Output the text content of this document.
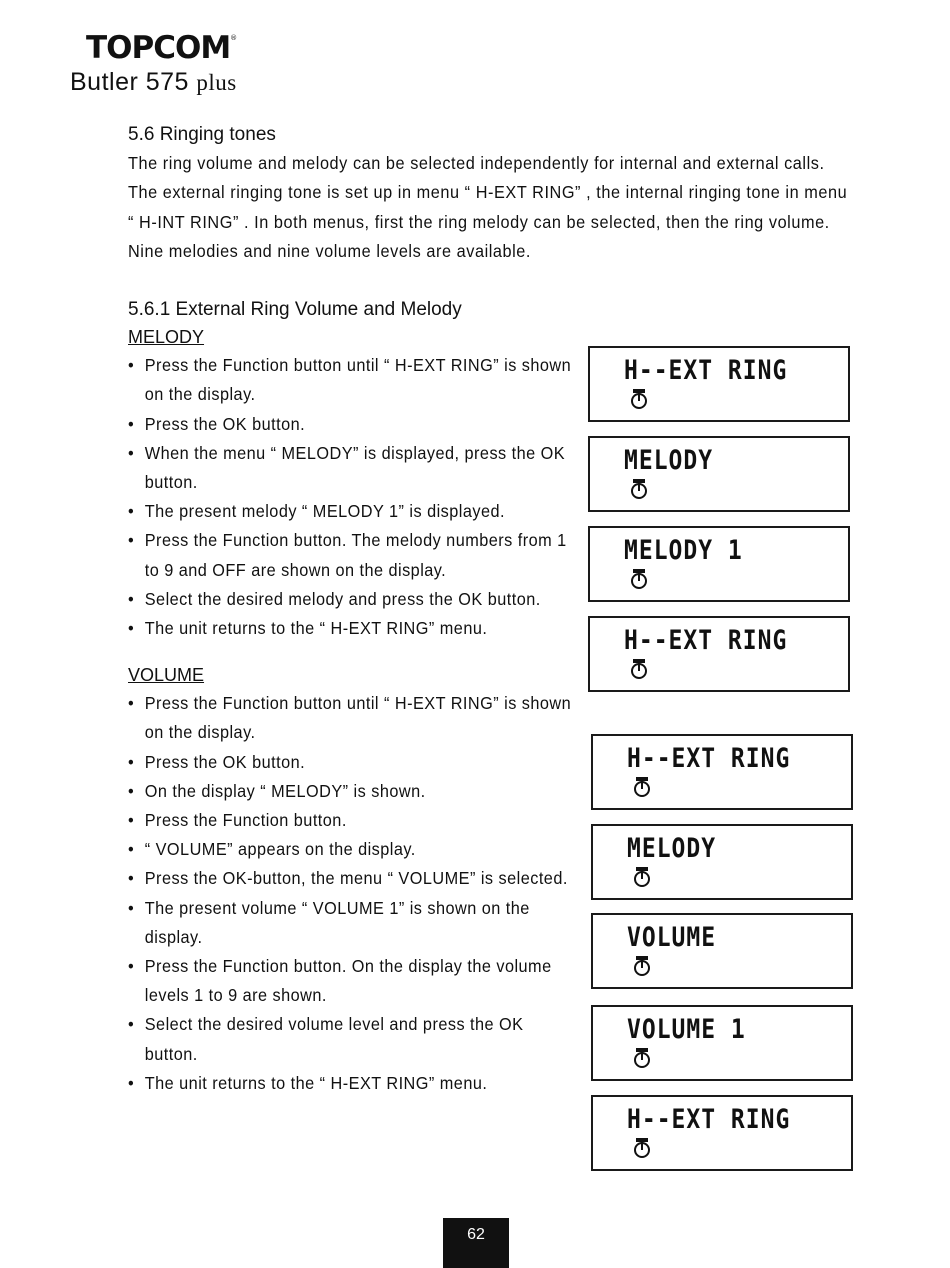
TOPCOM®
Butler 575 plus

5.6 Ringing tones

The ring volume and melody can be selected independently for internal and external calls. The external ringing tone is set up in menu “ H-EXT RING” , the internal ringing tone in menu “ H-INT RING” . In both menus, first the ring melody can be selected, then the ring volume. Nine melodies and nine volume levels are available.

5.6.1 External Ring Volume and Melody

MELODY

• Press the Function button until “ H-EXT RING” is shown on the display.
• Press the OK button.
• When the menu “ MELODY” is displayed, press the OK button.
• The present melody “ MELODY 1” is displayed.
• Press the Function button. The melody numbers from 1 to 9 and OFF are shown on the display.
• Select the desired melody and press the OK button.
• The unit returns to the “ H-EXT RING” menu.

VOLUME

• Press the Function button until “ H-EXT RING” is shown on the display.
• Press the OK button.
• On the display “ MELODY” is shown.
• Press the Function button.
• “ VOLUME” appears on the display.
• Press the OK-button, the menu “ VOLUME” is selected.
• The present volume “ VOLUME 1” is shown on the display.
• Press the Function button. On the display the volume levels 1 to 9 are shown.
• Select the desired volume level and press the OK button.
• The unit returns to the “ H-EXT RING” menu.
H--EXT RING
MELODY
MELODY 1
H--EXT RING
H--EXT RING
MELODY
VOLUME
VOLUME 1
H--EXT RING
62
